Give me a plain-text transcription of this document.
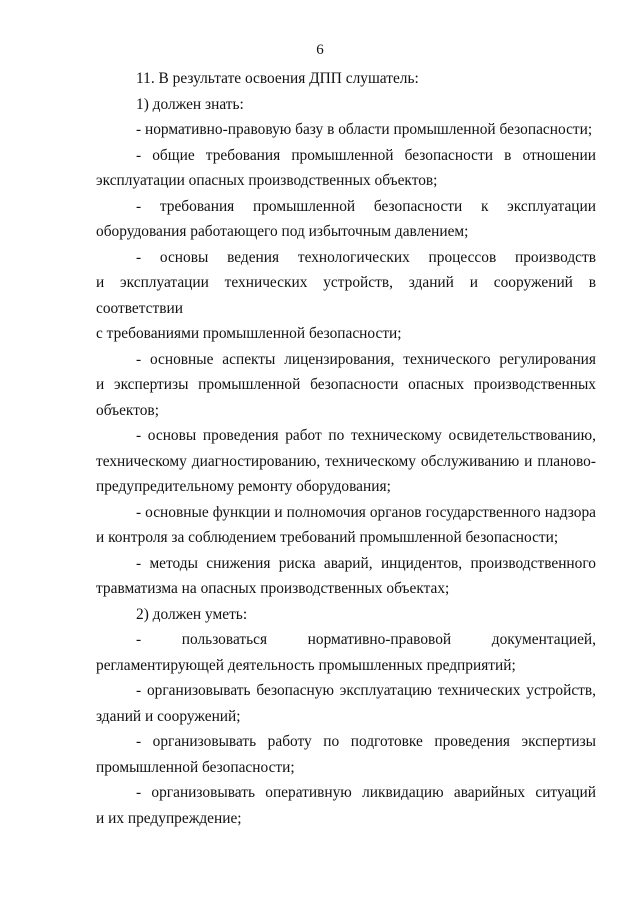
6

11. В результате освоения ДПП слушатель:

1) должен знать:

- нормативно-правовую базу в области промышленной безопасности;

- общие требования промышленной безопасности в отношении
эксплуатации опасных производственных объектов;

- требования промышленной безопасности к эксплуатации
оборудования работающего под избыточным давлением;

- основы ведения технологических процессов производств
и эксплуатации технических устройств, зданий и сооружений в соответствии
с требованиями промышленной безопасности;

- основные аспекты лицензирования, технического регулирования
и экспертизы промышленной безопасности опасных производственных
объектов;

- основы проведения работ по техническому освидетельствованию,
техническому диагностированию, техническому обслуживанию и планово-
предупредительному ремонту оборудования;

- основные функции и полномочия органов государственного надзора
и контроля за соблюдением требований промышленной безопасности;

- методы снижения риска аварий, инцидентов, производственного
травматизма на опасных производственных объектах;

2) должен уметь:

- пользоваться нормативно-правовой документацией,
регламентирующей деятельность промышленных предприятий;

- организовывать безопасную эксплуатацию технических устройств,
зданий и сооружений;

- организовывать работу по подготовке проведения экспертизы
промышленной безопасности;

- организовывать оперативную ликвидацию аварийных ситуаций
и их предупреждение;
